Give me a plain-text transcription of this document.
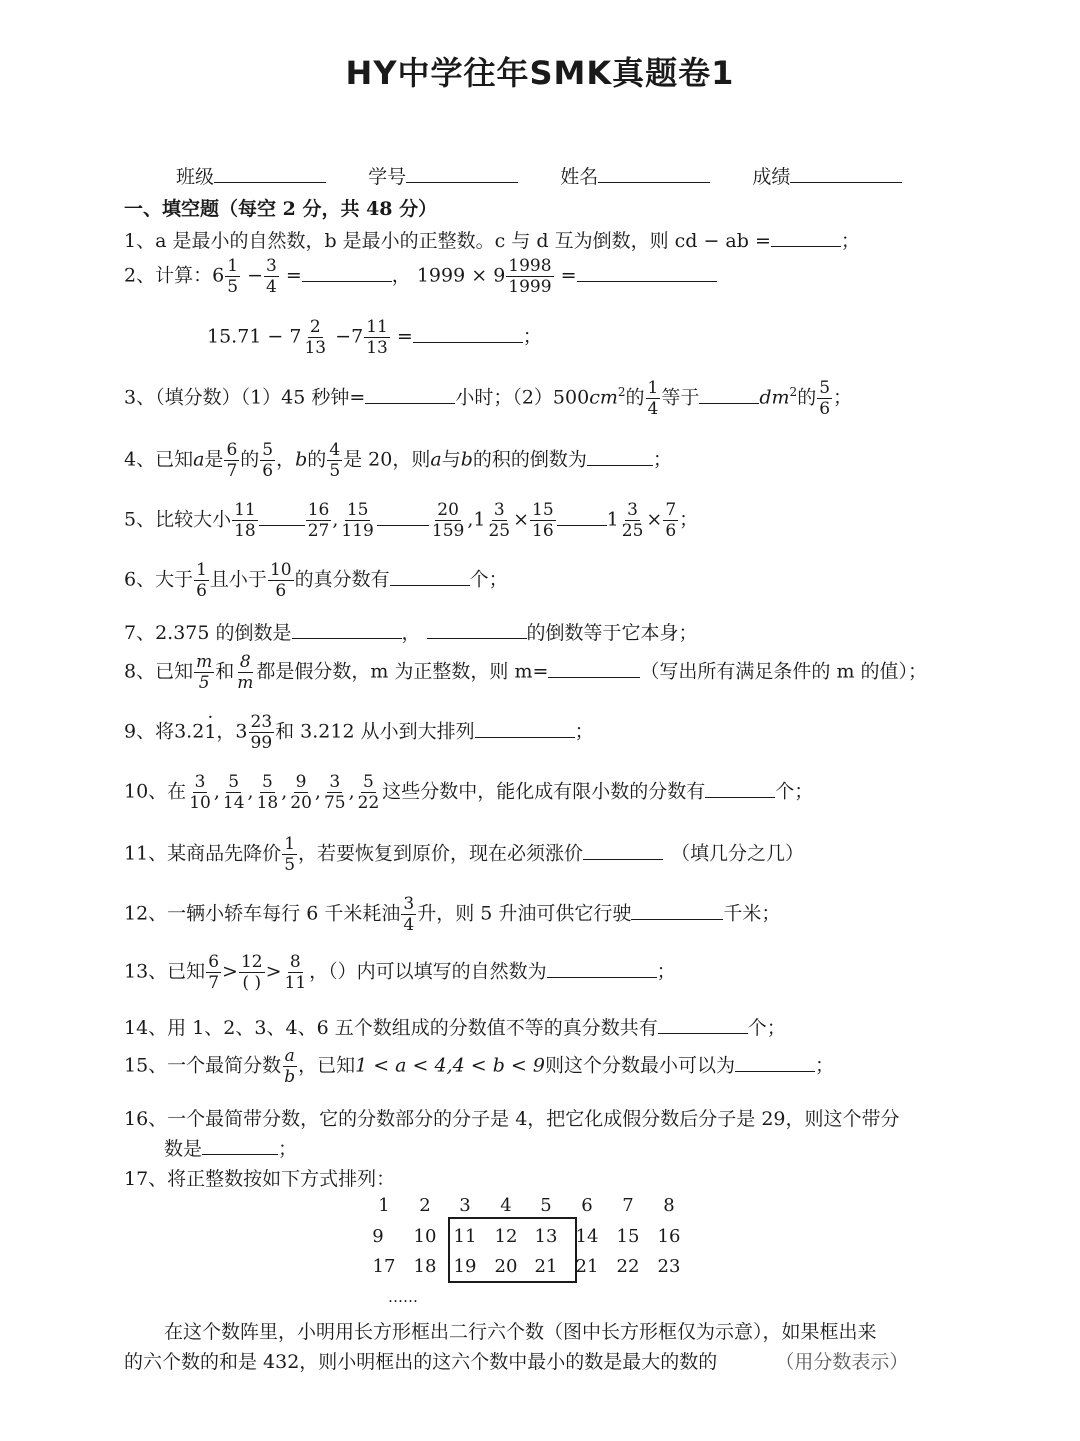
HY中学往年SMK真题卷1
班级	学号	姓名	成绩
一、填空题（每空 2 分，共 48 分）
1、a 是最小的自然数，b 是最小的正整数。c 与 d 互为倒数，则 cd − ab =	；
2、计算：$6 \frac{1}{5} - \frac{3}{4}$ =	， $1999 \times 9 \frac{1998}{1999}$ =
$15.71 - 7 \frac{2}{13} -7 \frac{11}{13}$ =	；
3、（填分数）（1）45 秒钟=	小时；$(2)500cm^2$的 $\frac{1}{4}$ 等于	$dm^2$的 $\frac{5}{6}$ ；
4、已知a是 $\frac{6}{7}$ 的 $\frac{5}{6}$ ，b的 $\frac{4}{5}$ 是 20，则a与b的积的倒数为	；
5、比较大小 $\frac{11}{18}$	$\frac{16}{27}$ , $\frac{15}{119}$	$\frac{20}{159} ,1 \frac{3}{25} \times \frac{15}{16}$	$1 \frac{3}{25} \times \frac{7}{6}$ ；
6、大于 $\frac{1}{6}$ 且小于 $\frac{10}{6}$ 的真分数有	个；
7、2.375 的倒数是	，	的倒数等于它本身；
8、已知 $\frac{m}{5}$ 和 $\frac{8}{m}$ 都是假分数，m 为正整数，则 m=	（写出所有满足条件的 m 的值）；
9、将3.2· 1，$3 \frac{23}{99}$ 和 3.212 从小到大排列	；
10、在 $\frac{3}{10}$ , $\frac{5}{14}$ , $\frac{5}{18}$ , $\frac{9}{20}$ , $\frac{3}{75}$ , $\frac{5}{22}$ 这些分数中，能化成有限小数的分数有	个；
11、某商品先降价 $\frac{1}{5}$ ，若要恢复到原价，现在必须涨价	（填几分之几）
12、一辆小轿车每行 6 千米耗油 $\frac{3}{4}$ 升，则 5 升油可供它行驶	千米；
13、已知 $\frac{6}{7} > \frac{12}{( )} > \frac{8}{11}$ ，（）内可以填写的自然数为	；
14、用 1、2、3、4、6 五个数组成的分数值不等的真分数共有	个；
15、一个最简分数 $\frac{a}{b}$ ，已知1 < a < 4,4 < b < 9则这个分数最小可以为	；
16、一个最简带分数，它的分数部分的分子是 4，把它化成假分数后分子是 29，则这个带分
数是	；
17、将正整数按如下方式排列：
1	2	3	4	5	6	7	8
9	10 11	12 13	14	15	16
17	18 19	20 21	21	22	23
……
在这个数阵里，小明用长方形框出二行六个数（图中长方形框仅为示意），如果框出来
的六个数的和是 432，则小明框出的这六个数中最小的数是最大的数的	（用分数表示）
